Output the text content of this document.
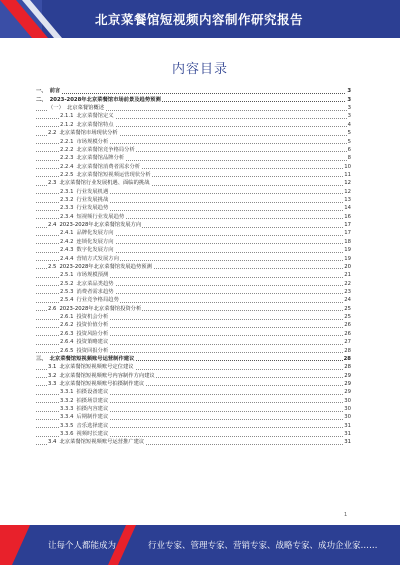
北京菜餐馆短视频内容制作研究报告
内容目录
一、 前言	3
二、 2023-2028年北京菜餐馆市场前景及趋势预测	3
（一） 北京菜餐馆概述	3
2.1.1 北京菜餐馆定义	3
2.1.2 北京菜餐馆特点	4
2.2 北京菜餐馆市场现状分析	5
2.2.1 市场规模分析	5
2.2.2 北京菜餐馆竞争格局分析	6
2.2.3 北京菜餐馆品牌分析	8
2.2.4 北京菜餐馆消费者需求分析	10
2.2.5 北京菜餐馆短视频运营现状分析	11
2.3 北京菜餐馆行业发展机遇、面临的挑战	12
2.3.1 行业发展机遇	12
2.3.2 行业发展挑战	13
2.3.3 行业发展趋势	14
2.3.4 短视频行业发展趋势	16
2.4 2023-2028年北京菜餐馆发展方向	17
2.4.1 品牌化发展方向	17
2.4.2 连锁化发展方向	18
2.4.3 数字化发展方向	19
2.4.4 营销方式发展方向	19
2.5 2023-2028年北京菜餐馆发展趋势预测	20
2.5.1 市场规模预测	21
2.5.2 北京菜品类趋势	22
2.5.3 消费者需求趋势	23
2.5.4 行业竞争格局趋势	24
2.6 2023-2028年北京菜餐馆投资分析	25
2.6.1 投资机会分析	25
2.6.2 投资价值分析	26
2.6.3 投资风险分析	26
2.6.4 投资策略建议	27
2.6.5 投资回报分析	28
三、 北京菜餐馆短视频账号运营制作建议	28
3.1 北京菜餐馆短视频账号定位建议	28
3.2 北京菜餐馆短视频账号内容制作方向建议	29
3.3 北京菜餐馆短视频账号拍摄制作建议	29
3.3.1 拍摄设备建议	29
3.3.2 拍摄场景建议	30
3.3.3 拍摄内容建议	30
3.3.4 后期制作建议	30
3.3.5 音乐选择建议	31
3.3.6 视频时长建议	31
3.4 北京菜餐馆短视频账号运营推广建议	31
1
让每个人都能成为	行业专家、管理专家、营销专家、战略专家、成功企业家……
